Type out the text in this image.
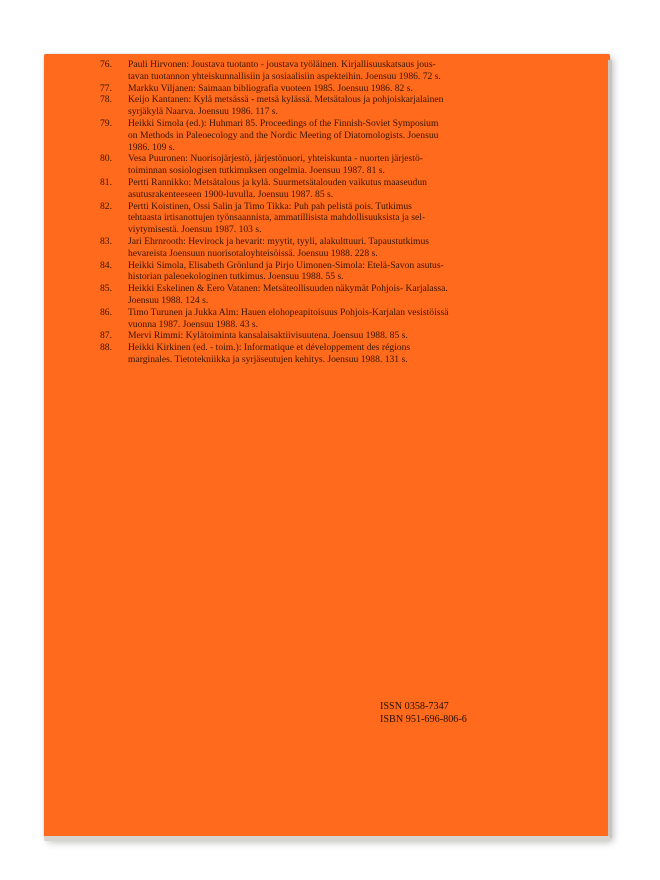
76.	Pauli Hirvonen: Joustava tuotanto - joustava työläinen. Kirjallisuuskatsaus jous-
tavan tuotannon yhteiskunnallisiin ja sosiaalisiin aspekteihin. Joensuu 1986. 72 s.
77.	Markku Viljanen: Saimaan bibliografia vuoteen 1985. Joensuu 1986. 82 s.
78.	Keijo Kantanen: Kylä metsässä - metsä kylässä. Metsätalous ja pohjoiskarjalainen
syrjäkylä Naarva. Joensuu 1986. 117 s.
79.	Heikki Simola (ed.): Huhmari 85. Proceedings of the Finnish-Soviet Symposium
on Methods in Paleoecology and the Nordic Meeting of Diatomologists. Joensuu
1986. 109 s.
80.	Vesa Puuronen: Nuorisojärjestö, järjestönuori, yhteiskunta - nuorten järjestö-
toiminnan sosiologisen tutkimuksen ongelmia. Joensuu 1987. 81 s.
81.	Pertti Rannikko: Metsätalous ja kylä. Suurmetsätalouden vaikutus maaseudun
asutusrakenteeseen 1900-luvulla. Joensuu 1987. 85 s.
82.	Pertti Koistinen, Ossi Salin ja Timo Tikka: Puh pah pelistä pois. Tutkimus
tehtaasta irtisanottujen työnsaannista, ammatillisista mahdollisuuksista ja sel-
viytymisestä. Joensuu 1987. 103 s.
83.	Jari Ehrnrooth: Hevirock ja hevarit: myytit, tyyli, alakulttuuri. Tapaustutkimus
hevareista Joensuun nuorisotaloyhteisöissä. Joensuu 1988. 228 s.
84.	Heikki Simola, Elisabeth Grönlund ja Pirjo Uimonen-Simola: Etelä-Savon asutus-
historian paleoekologinen tutkimus. Joensuu 1988. 55 s.
85.	Heikki Eskelinen & Eero Vatanen: Metsäteollisuuden näkymät Pohjois- Karjalassa.
Joensuu 1988. 124 s.
86.	Timo Turunen ja Jukka Alm: Hauen elohopeapitoisuus Pohjois-Karjalan vesistöissä
vuonna 1987. Joensuu 1988. 43 s.
87.	Mervi Rimmi: Kylätoiminta kansalaisaktiivisuutena. Joensuu 1988. 85 s.
88.	Heikki Kirkinen (ed. - toim.): Informatique et développement des régions
marginales. Tietotekniikka ja syrjäseutujen kehitys. Joensuu 1988. 131 s.
ISSN 0358-7347
ISBN 951-696-806-6
